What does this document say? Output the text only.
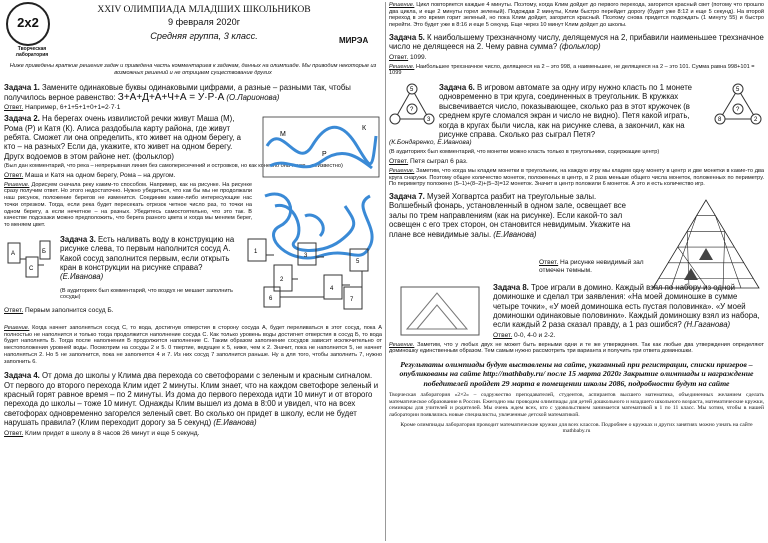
2x2
Творческая лаборатория
XXIV ОЛИМПИАДА МЛАДШИХ ШКОЛЬНИКОВ
9 февраля 2020г
Средняя группа, 3 класс.
Ниже приведены краткие решения задач и приведена часть комментариев к задачам, данных на олимпиаде. Мы приводим некоторые из возможных решений и не отрицаем существование других
Задача 1. Замените одинаковые буквы одинаковыми цифрами, а разные – разными так, чтобы получилось верное равенство: З+А+Д+А+Ч+А = У·Р·А (О.Ларионова)
Ответ. Например, 6+1+5+1+0+1=2·7·1
Задача 2. На берегах очень извилистой речки живут Маша (М), Рома (Р) и Катя (К). Алиса раздобыла карту района, где живут ребята. Сможет ли она определить, кто живет на одном берегу, а кто – на разных? Если да, укажите, кто живет на одном берегу. Другх водоемов в этом районе нет. (фольклор)
М
Р
К
(Был дан комментарий, что река – непрерывная линия без самопересечений и островков, но как конечно она течет – неизвестно)
Ответ. Маша и Катя на одном берегу, Рома – на другом.
Решение. Дорисуем сначала реку каким-то способом. Например, как на рисунке. На рисунке сразу получим ответ. Но этого недостаточно. Нужно убедиться, что как бы мы не продолжали наш рисунок, положение берегов не изменится. Соединим какие-либо интересующие нас точки отрезком. Тогда, если река будет пересекать отрезок четное число раз, то точки на одном берегу, а если нечетное – на разных. Убедитесь самостоятельно, что это так. В качестве подсказки можно предположить, что берега разного цвета и когда мы меняем берег, то меняем цвет.
А	Б
С
Задача 3. Есть наливать воду в конструкцию на рисунке слева, то первым наполнится сосуд А. Какой сосуд заполнится первым, если открыть кран в конструкции на рисунке справа? (Е.Иванова)
1
2
3
4
5
6	7
(В аудиториях был комментарий, что воздух не мешает заполнить сосуды)
Ответ. Первым заполнится сосуд Б.
Решение. Когда начнет заполняться сосуд С, то вода, достигнув отверстия в сторону сосуда А, будет переливаться в этот сосуд, пока А полностью не наполнится и только тогда продолжится наполнение сосуда С. Как только уровень воды достигнет отверстия в сосуд Б, то вода будет наполнять Б. Тогда после наполнения Б продолжится наполнение С. Таким образом заполнение сосудов зависит исключительно от местоположения уровней воды. Посмотрим на сосуды 2 и 5. 0 твертие, ведущее к 5, ниже, чем к 2. Значит, пока не наполнится 5, не начнет наполняться 2. Но 5 не заполнится, пока не заполнятся 4 и 7. Из них сосуд 7 заполнится раньше. Ну а для того, чтобы заполнить 7, нужно заполнить 6.
Задача 4. От дома до школы у Климa два перехода со светофорами с зеленым и красным сигналом. От первого до второго перехода Клим идет 2 минуты. Клим знает, что на каждом светофоре зеленый и красный горят равное время – по 2 минуты. Из дома до первого перехода идти 10 минут и от второго перехода до школы – тоже 10 минут. Однажды Клим вышел из дома в 8:00 и увидел, что на всех светофорах одновременно загорелся зеленый свет. Во сколько он придет в школу, если не будет нарушать правила? (Клим переходит дорогу за 5 секунд) (Е.Иванова)
Ответ. Клим придет в школу в 8 часов 26 минут и еще 5 секунд.
МИРЭА
Решение. Цикл повторяется каждые 4 минуты. Поэтому, когда Клим дойдет до первого перехода, загорится красный свет (потому что прошло два цикла, и еще 2 минуты горел зеленый). Подождав 2 минуты, Клим быстро перейдет дорогу (будет уже 8:12 и еще 5 секунд). На второй переход в это время горит зеленый, но пока Клим дойдет, загорится красный. Поэтому снова придется подождать (1 минуту 55) и быстро перейти. Это будет уже в 8:16 и еще 5 секунд. Еще через 10 минут Клим дойдет до школы.
Задача 5. К наибольшему трехзначному числу, делящемуся на 2, прибавили наименьшее трехзначное число не делящееся на 2. Чему равна сумма? (фольклор)
Ответ. 1099.
Решение. Наибольшее трехзначное число, делящееся на 2 – это 998, а наименьшее, не делящееся на 2 – это 101. Сумма равна 998+101 = 1099
5
?
3
Задача 6. В игровом автомате за одну игру нужно класть по 1 монете одновременно в три круга, соединенных в треугольник. В кружках высвечивается число, показывающее, сколько раз в этот кружочек (в среднем круге сломался экран и число не видно). Петя какой играть, когда в кругах были числа, как на рисунке слева, а закончил, как на рисунке справа. Сколько раз сыграл Петя?
5
8	2
?
(К.Бондаренко, Е.Иванова)
(В аудиториях был комментарий, что монетки можно класть только в треугольники, содержащие центр)
Ответ. Петя сыграл 6 раз.
Решение. Заметим, что когда мы кладем монетки в треугольник, на каждую игру мы кладем одну монету в центр и две монетки в какие-то два круга снаружи. Поэтому общее количество монеток, положенных в центр, в 2 раза меньше общего числа монеток, положенных по периметру. По периметру положено (5–1)+(8–2)+(5–3)=12 монеток. Значит в центр положили 6 монеток. А это и есть количество игр.
Задача 7. Музей Хогвартса разбит на треугольные залы. Волшебный фонарь, установленный в одном зале, освещает все залы по трем направлениям (как на рисунке). Если какой-то зал освещен с его трех сторон, он становится невидимым. Укажите на плане все невидимые залы. (Е.Иванова)
Ответ. На рисунке невидимый зал отмечен темным.
Задача 8. Трое играли в домино. Каждый взял по набору из одной доминошке и сделал три заявления: «На моей доминошке в сумме четыре точки», «У моей доминошка есть пустая половинка». «У моей доминошки одинаковые половинки». Каждый доминошку взял из набора, если каждый 2 раза сказал правду, а 1 раз ошибся? (Н.Гаганова)
Ответ. 0-0, 4-0 и 2-2.
Решение. Заметим, что у любых двух не может быть верными одни и те же утверждения. Так как любые два утверждения определяют доминошку единственным образом. Тем самым нужно рассмотреть три варианта и получить три ответа доминошки.
Результаты олимпиады будут выставлены на сайте, указанный при регистрации, списки призеров – опубликованы на сайте http://mathbaby.ru/ после 15 марта 2020г Закрытие олимпиады и награждение победителей пройдет 29 марта в помещении школы 2086, подробности будут на сайте
Творческая лаборатория «2×2» – содружество преподавателей, студентов, аспирантов высшего математика, объединенных желанием сделать математическое образование в России. Ежегодно мы проводим олимпиады для детей дошкольного и младшего школьного возраста, математические кружки, семинары для учителей и родителей. Мы очень ждем всех, кто с удовольствием занимается математикой в 1 по 11 класс. Мы хотим, чтобы в нашей лаборатории появлялись новые специалисты, увлеченные детской математикой.
Кроме олимпиады лаборатория проводит математические кружки для всех классов. Подробнее о кружках и других занятиях можно узнать на сайте mathbaby.ru
